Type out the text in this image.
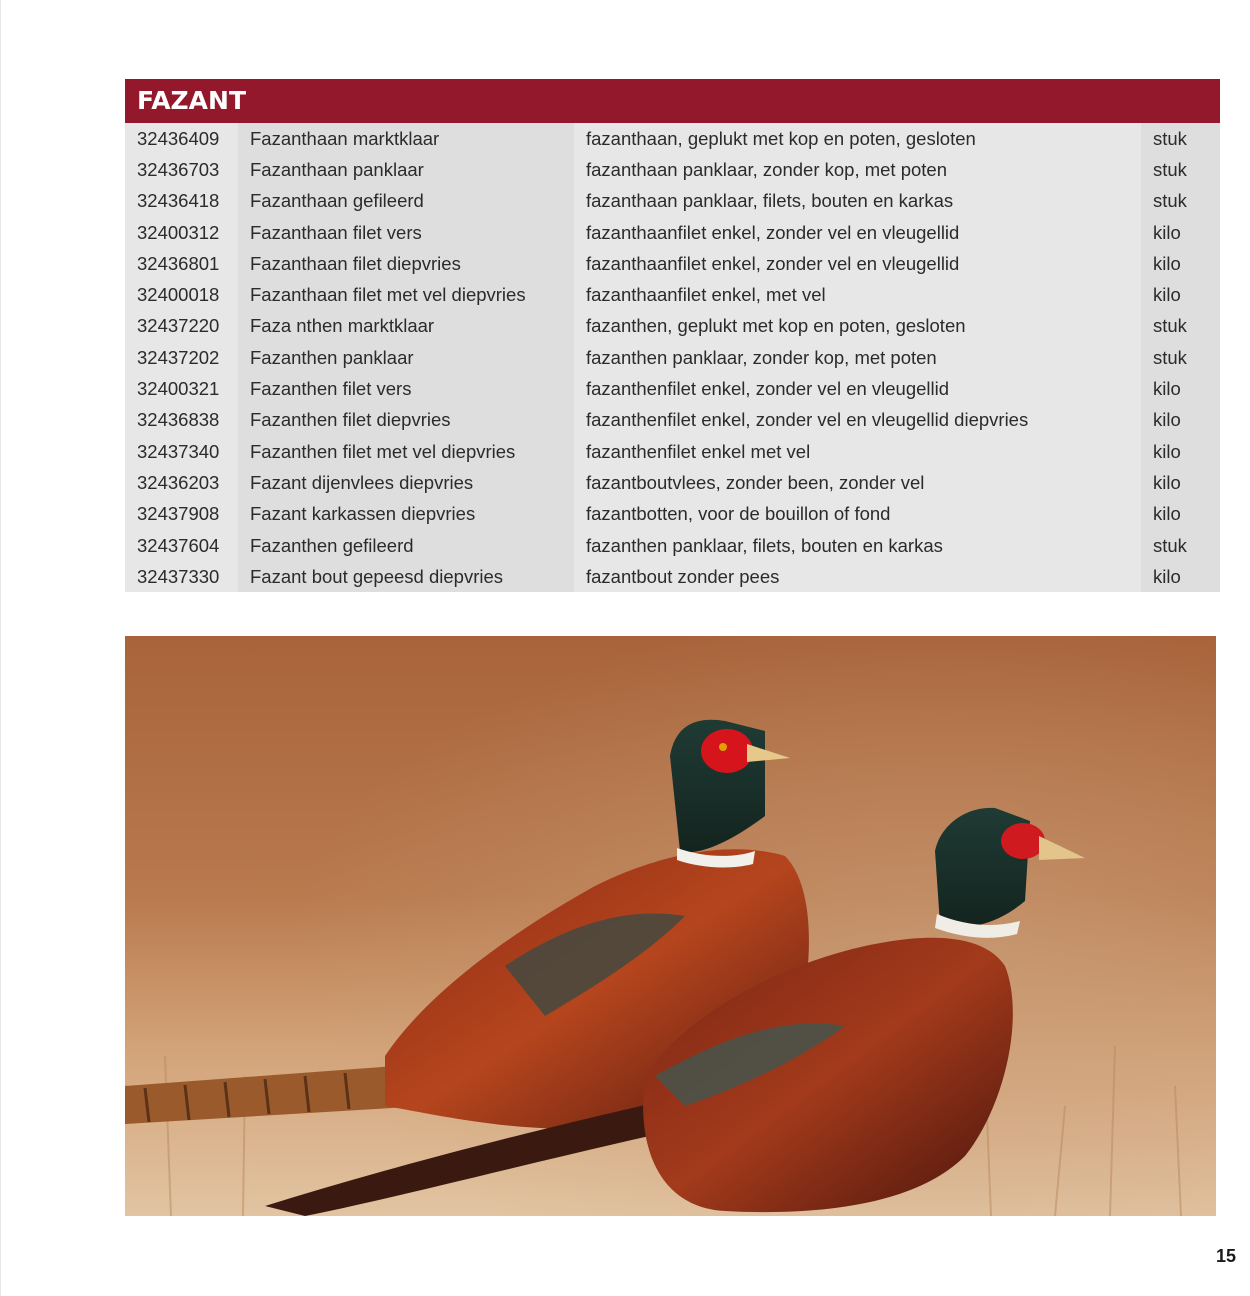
FAZANT
32436409	Fazanthaan marktklaar	fazanthaan, geplukt met kop en poten, gesloten	stuk
32436703	Fazanthaan panklaar	fazanthaan panklaar, zonder kop, met poten	stuk
32436418	Fazanthaan gefileerd	fazanthaan panklaar, filets, bouten en karkas	stuk
32400312	Fazanthaan filet vers	fazanthaanfilet enkel, zonder vel en vleugellid	kilo
32436801	Fazanthaan filet diepvries	fazanthaanfilet enkel, zonder vel en vleugellid	kilo
32400018	Fazanthaan filet met vel diepvries	fazanthaanfilet enkel, met vel	kilo
32437220	Faza nthen marktklaar	fazanthen, geplukt met kop en poten, gesloten	stuk
32437202	Fazanthen panklaar	fazanthen panklaar, zonder kop, met poten	stuk
32400321	Fazanthen filet vers	fazanthenfilet enkel, zonder vel en vleugellid	kilo
32436838	Fazanthen filet diepvries	fazanthenfilet enkel, zonder vel en vleugellid diepvries	kilo
32437340	Fazanthen filet met vel diepvries	fazanthenfilet enkel met vel	kilo
32436203	Fazant dijenvlees diepvries	fazantboutvlees, zonder been, zonder vel	kilo
32437908	Fazant karkassen diepvries	fazantbotten, voor de bouillon of fond	kilo
32437604	Fazanthen gefileerd	fazanthen panklaar, filets, bouten en karkas	stuk
32437330	Fazant bout gepeesd diepvries	fazantbout zonder pees	kilo
15
